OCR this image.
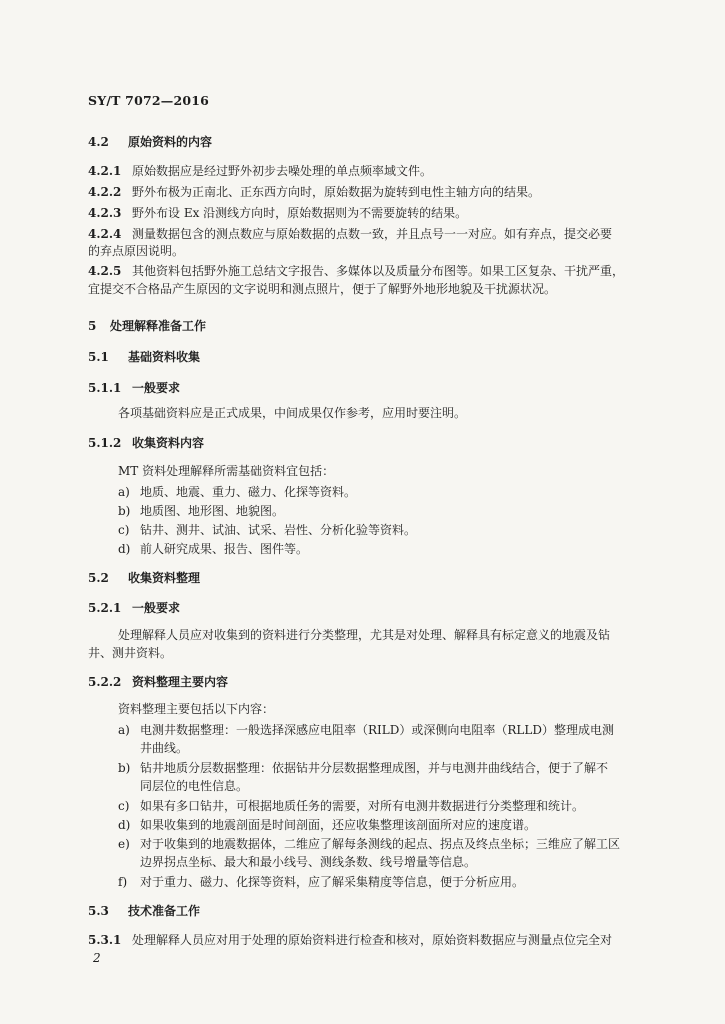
SY/T 7072—2016
4.2 原始资料的内容
4.2.1 原始数据应是经过野外初步去噪处理的单点频率域文件。
4.2.2 野外布极为正南北、正东西方向时，原始数据为旋转到电性主轴方向的结果。
4.2.3 野外布设 Ex 沿测线方向时，原始数据则为不需要旋转的结果。
4.2.4 测量数据包含的测点数应与原始数据的点数一致，并且点号一一对应。如有弃点，提交必要
的弃点原因说明。
4.2.5 其他资料包括野外施工总结文字报告、多媒体以及质量分布图等。如果工区复杂、干扰严重，
宜提交不合格品产生原因的文字说明和测点照片，便于了解野外地形地貌及干扰源状况。
5 处理解释准备工作
5.1 基础资料收集
5.1.1 一般要求
各项基础资料应是正式成果，中间成果仅作参考，应用时要注明。
5.1.2 收集资料内容
MT 资料处理解释所需基础资料宜包括：
a) 地质、地震、重力、磁力、化探等资料。
b) 地质图、地形图、地貌图。
c) 钻井、测井、试油、试采、岩性、分析化验等资料。
d) 前人研究成果、报告、图件等。
5.2 收集资料整理
5.2.1 一般要求
处理解释人员应对收集到的资料进行分类整理，尤其是对处理、解释具有标定意义的地震及钻
井、测井资料。
5.2.2 资料整理主要内容
资料整理主要包括以下内容：
a) 电测井数据整理：一般选择深感应电阻率（RILD）或深侧向电阻率（RLLD）整理成电测
井曲线。
b) 钻井地质分层数据整理：依据钻井分层数据整理成图，并与电测井曲线结合，便于了解不
同层位的电性信息。
c) 如果有多口钻井，可根据地质任务的需要，对所有电测井数据进行分类整理和统计。
d) 如果收集到的地震剖面是时间剖面，还应收集整理该剖面所对应的速度谱。
e) 对于收集到的地震数据体，二维应了解每条测线的起点、拐点及终点坐标；三维应了解工区
边界拐点坐标、最大和最小线号、测线条数、线号增量等信息。
f) 对于重力、磁力、化探等资料，应了解采集精度等信息，便于分析应用。
5.3 技术准备工作
5.3.1 处理解释人员应对用于处理的原始资料进行检查和核对，原始资料数据应与测量点位完全对
2
